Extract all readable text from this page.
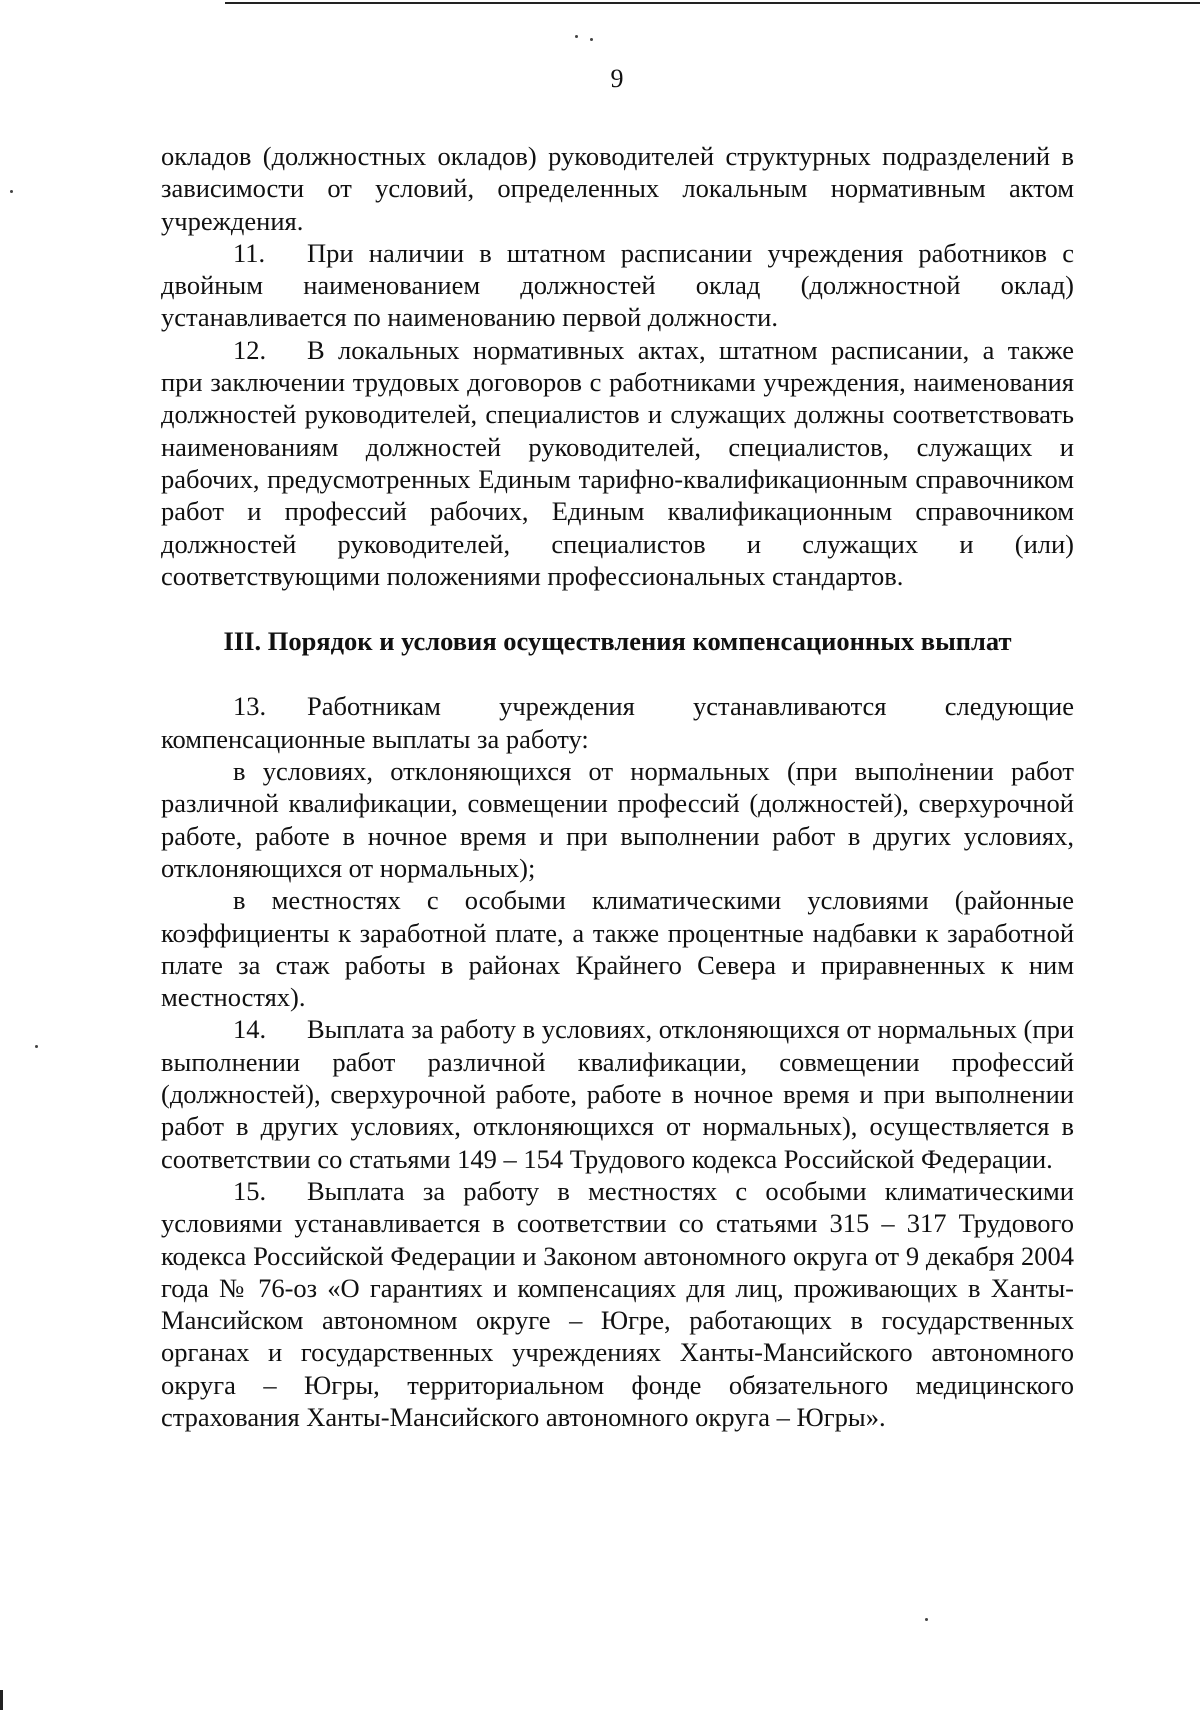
9

окладов (должностных окладов) руководителей структурных подразделений в зависимости от условий, определенных локальным нормативным актом учреждения.

11. При наличии в штатном расписании учреждения работников с двойным наименованием должностей оклад (должностной оклад) устанавливается по наименованию первой должности.

12. В локальных нормативных актах, штатном расписании, а также при заключении трудовых договоров с работниками учреждения, наименования должностей руководителей, специалистов и служащих должны соответствовать наименованиям должностей руководителей, специалистов, служащих и рабочих, предусмотренных Единым тарифно-квалификационным справочником работ и профессий рабочих, Единым квалификационным справочником должностей руководителей, специалистов и служащих и (или) соответствующими положениями профессиональных стандартов.

III. Порядок и условия осуществления компенсационных выплат

13. Работникам учреждения устанавливаются следующие компенсационные выплаты за работу:

в условиях, отклоняющихся от нормальных (при выполнении работ различной квалификации, совмещении профессий (должностей), сверхурочной работе, работе в ночное время и при выполнении работ в других условиях, отклоняющихся от нормальных);

в местностях с особыми климатическими условиями (районные коэффициенты к заработной плате, а также процентные надбавки к заработной плате за стаж работы в районах Крайнего Севера и приравненных к ним местностях).

14. Выплата за работу в условиях, отклоняющихся от нормальных (при выполнении работ различной квалификации, совмещении профессий (должностей), сверхурочной работе, работе в ночное время и при выполнении работ в других условиях, отклоняющихся от нормальных), осуществляется в соответствии со статьями 149 – 154 Трудового кодекса Российской Федерации.

15. Выплата за работу в местностях с особыми климатическими условиями устанавливается в соответствии со статьями 315 – 317 Трудового кодекса Российской Федерации и Законом автономного округа от 9 декабря 2004 года № 76-оз «О гарантиях и компенсациях для лиц, проживающих в Ханты-Мансийском автономном округе – Югре, работающих в государственных органах и государственных учреждениях Ханты-Мансийского автономного округа – Югры, территориальном фонде обязательного медицинского страхования Ханты-Мансийского автономного округа – Югры».
